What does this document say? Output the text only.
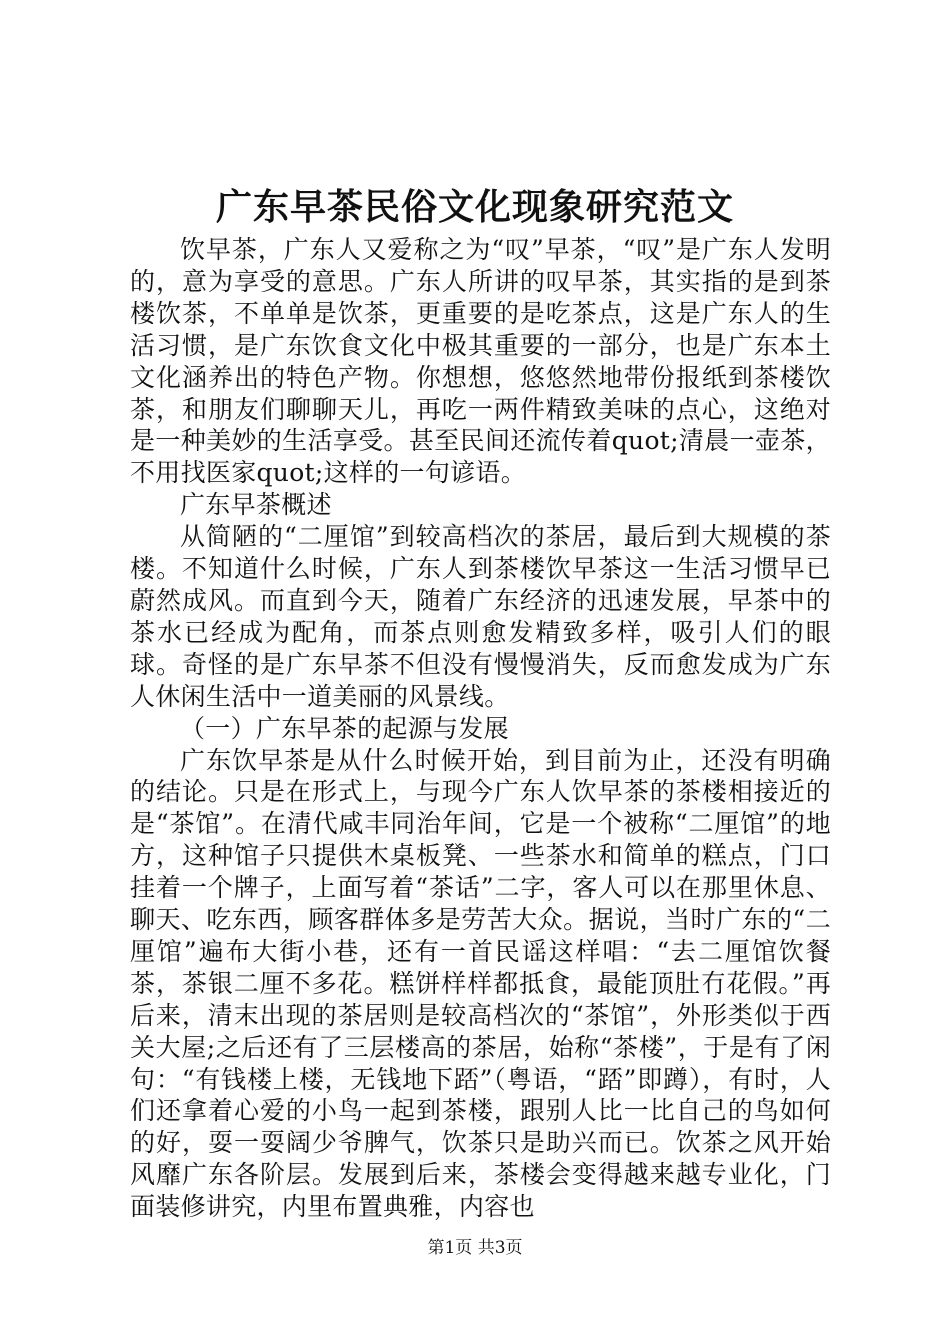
广东早茶民俗文化现象研究范文

饮早茶，广东人又爱称之为“叹”早茶，“叹”是广东人发明的，意为享受的意思。广东人所讲的叹早茶，其实指的是到茶楼饮茶，不单单是饮茶，更重要的是吃茶点，这是广东人的生活习惯，是广东饮食文化中极其重要的一部分，也是广东本土文化涵养出的特色产物。你想想，悠悠然地带份报纸到茶楼饮茶，和朋友们聊聊天儿，再吃一两件精致美味的点心，这绝对是一种美妙的生活享受。甚至民间还流传着quot;清晨一壶茶，不用找医家quot;这样的一句谚语。

广东早茶概述

从简陋的“二厘馆”到较高档次的茶居，最后到大规模的茶楼。不知道什么时候，广东人到茶楼饮早茶这一生活习惯早已蔚然成风。而直到今天，随着广东经济的迅速发展，早茶中的茶水已经成为配角，而茶点则愈发精致多样，吸引人们的眼球。奇怪的是广东早茶不但没有慢慢消失，反而愈发成为广东人休闲生活中一道美丽的风景线。

（一）广东早茶的起源与发展

广东饮早茶是从什么时候开始，到目前为止，还没有明确的结论。只是在形式上，与现今广东人饮早茶的茶楼相接近的是“茶馆”。在清代咸丰同治年间，它是一个被称“二厘馆”的地方，这种馆子只提供木桌板凳、一些茶水和简单的糕点，门口挂着一个牌子，上面写着“茶话”二字，客人可以在那里休息、聊天、吃东西，顾客群体多是劳苦大众。据说，当时广东的“二厘馆”遍布大街小巷，还有一首民谣这样唱：“去二厘馆饮餐茶，茶银二厘不多花。糕饼样样都抵食，最能顶肚冇花假。”再后来，清末出现的茶居则是较高档次的“茶馆”，外形类似于西关大屋;之后还有了三层楼高的茶居，始称“茶楼”，于是有了闲句：“有钱楼上楼，无钱地下踎”（粤语，“踎”即蹲），有时，人们还拿着心爱的小鸟一起到茶楼，跟别人比一比自己的鸟如何的好，耍一耍阔少爷脾气，饮茶只是助兴而已。饮茶之风开始风靡广东各阶层。发展到后来，茶楼会变得越来越专业化，门面装修讲究，内里布置典雅，内容也

第1页 共3页
